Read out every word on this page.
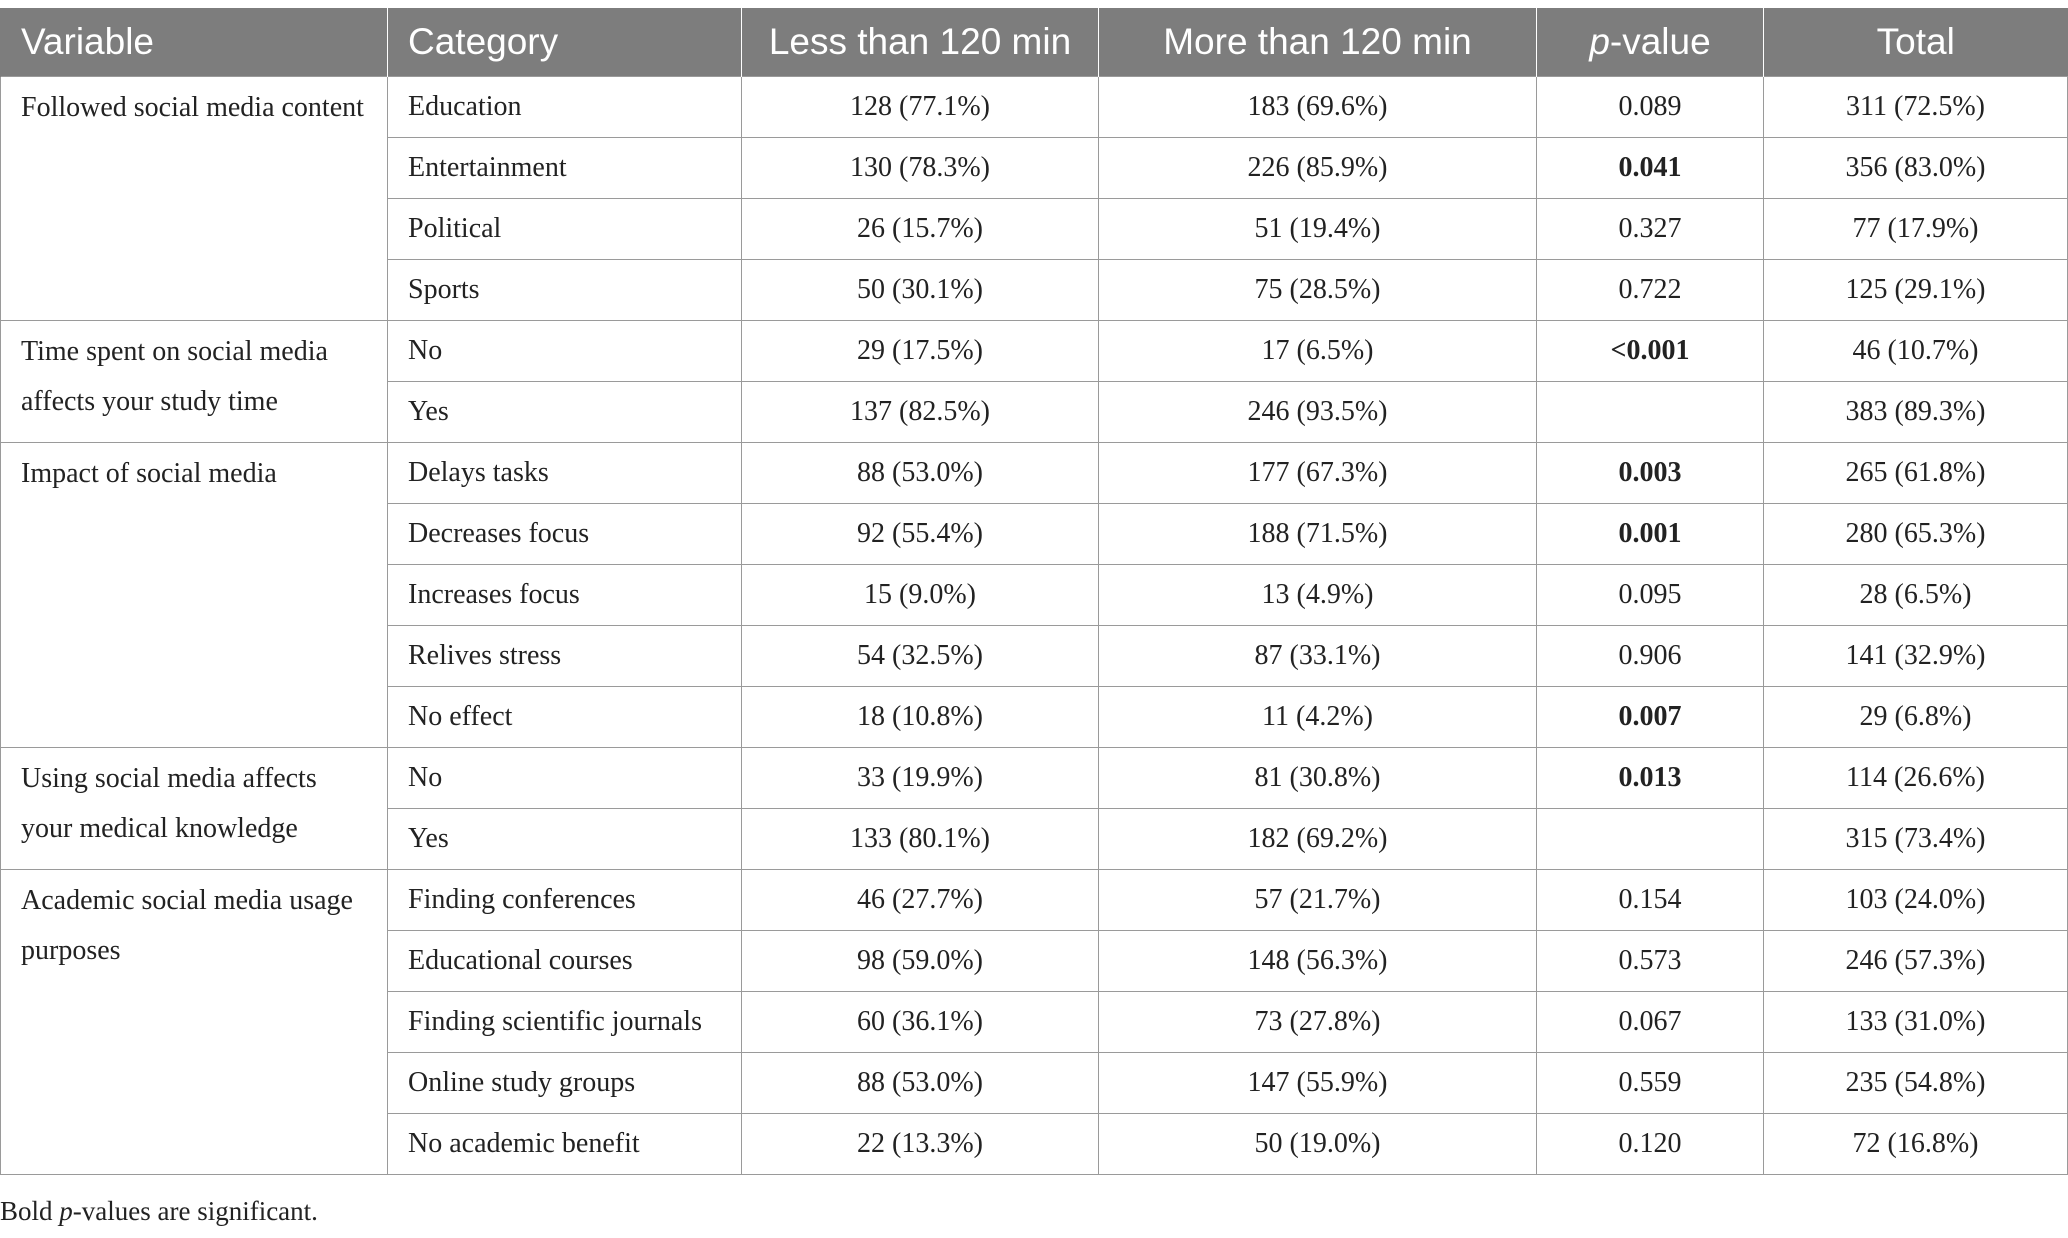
Variable	Category	Less than 120 min	More than 120 min	p-value	Total
Followed social media content	Education	128 (77.1%)	183 (69.6%)	0.089	311 (72.5%)
	Entertainment	130 (78.3%)	226 (85.9%)	0.041	356 (83.0%)
	Political	26 (15.7%)	51 (19.4%)	0.327	77 (17.9%)
	Sports	50 (30.1%)	75 (28.5%)	0.722	125 (29.1%)
Time spent on social media affects your study time	No	29 (17.5%)	17 (6.5%)	<0.001	46 (10.7%)
	Yes	137 (82.5%)	246 (93.5%)		383 (89.3%)
Impact of social media	Delays tasks	88 (53.0%)	177 (67.3%)	0.003	265 (61.8%)
	Decreases focus	92 (55.4%)	188 (71.5%)	0.001	280 (65.3%)
	Increases focus	15 (9.0%)	13 (4.9%)	0.095	28 (6.5%)
	Relives stress	54 (32.5%)	87 (33.1%)	0.906	141 (32.9%)
	No effect	18 (10.8%)	11 (4.2%)	0.007	29 (6.8%)
Using social media affects your medical knowledge	No	33 (19.9%)	81 (30.8%)	0.013	114 (26.6%)
	Yes	133 (80.1%)	182 (69.2%)		315 (73.4%)
Academic social media usage purposes	Finding conferences	46 (27.7%)	57 (21.7%)	0.154	103 (24.0%)
	Educational courses	98 (59.0%)	148 (56.3%)	0.573	246 (57.3%)
	Finding scientific journals	60 (36.1%)	73 (27.8%)	0.067	133 (31.0%)
	Online study groups	88 (53.0%)	147 (55.9%)	0.559	235 (54.8%)
	No academic benefit	22 (13.3%)	50 (19.0%)	0.120	72 (16.8%)
Bold p-values are significant.
